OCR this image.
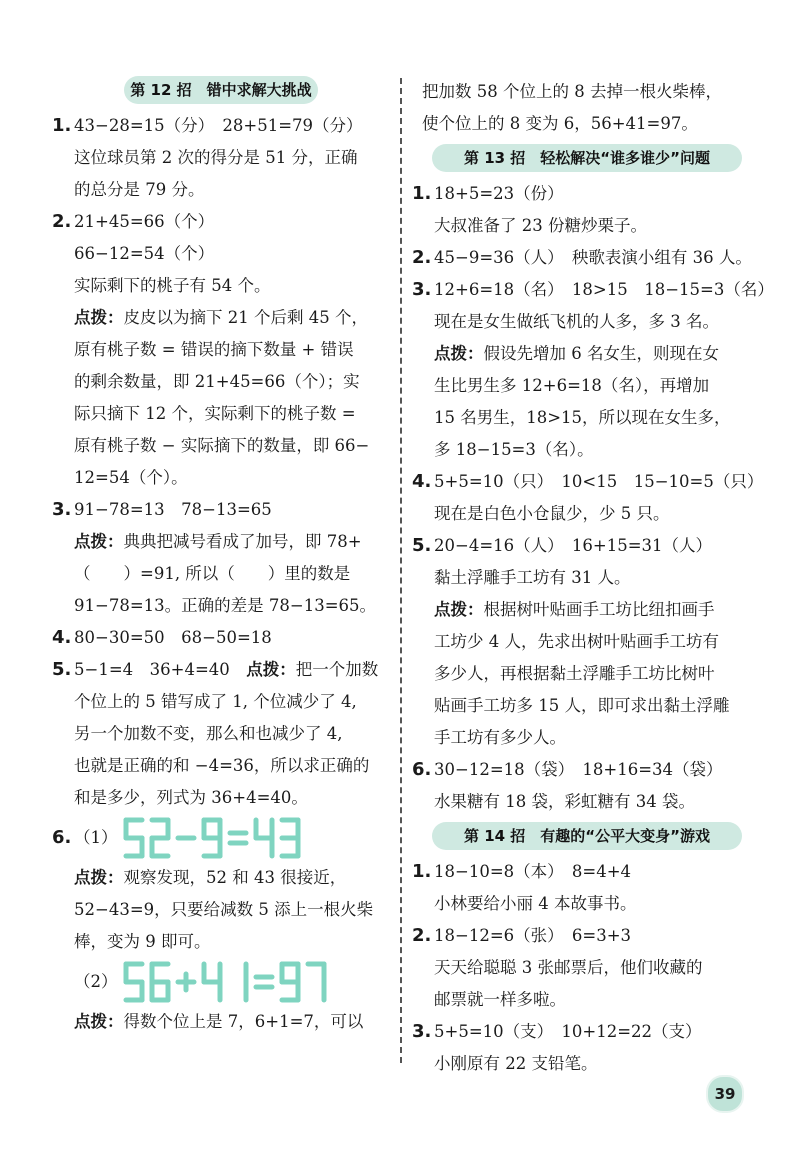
第 12 招　错中求解大挑战
1. 43−28=15（分）　28+51=79（分）
这位球员第 2 次的得分是 51 分，正确
的总分是 79 分。
2. 21+45=66（个）
66−12=54（个）
实际剩下的桃子有 54 个。
点拨：皮皮以为摘下 21 个后剩 45 个，
原有桃子数 = 错误的摘下数量 + 错误
的剩余数量，即 21+45=66（个）；实
际只摘下 12 个，实际剩下的桃子数 =
原有桃子数 − 实际摘下的数量，即 66−
12=54（个）。
3. 91−78=13　78−13=65
点拨：典典把减号看成了加号，即 78+
（　　）=91, 所以（　　）里的数是
91−78=13。正确的差是 78−13=65。
4. 80−30=50　68−50=18
5. 5−1=4　36+4=40　点拨：把一个加数
个位上的 5 错写成了 1, 个位减少了 4,
另一个加数不变，那么和也减少了 4,
也就是正确的和 −4=36，所以求正确的
和是多少，列式为 36+4=40。
6. （1）
点拨：观察发现，52 和 43 很接近，
52−43=9，只要给减数 5 添上一根火柴
棒，变为 9 即可。
（2）
点拨：得数个位上是 7，6+1=7，可以
把加数 58 个位上的 8 去掉一根火柴棒，
使个位上的 8 变为 6，56+41=97。
第 13 招　轻松解决“谁多谁少”问题
1. 18+5=23（份）
大叔准备了 23 份糖炒栗子。
2. 45−9=36（人）　秧歌表演小组有 36 人。
3. 12+6=18（名）　18>15　18−15=3（名）
现在是女生做纸飞机的人多，多 3 名。
点拨：假设先增加 6 名女生，则现在女
生比男生多 12+6=18（名），再增加
15 名男生，18>15，所以现在女生多，
多 18−15=3（名）。
4. 5+5=10（只）　10<15　15−10=5（只）
现在是白色小仓鼠少，少 5 只。
5. 20−4=16（人）　16+15=31（人）
黏土浮雕手工坊有 31 人。
点拨：根据树叶贴画手工坊比纽扣画手
工坊少 4 人，先求出树叶贴画手工坊有
多少人，再根据黏土浮雕手工坊比树叶
贴画手工坊多 15 人，即可求出黏土浮雕
手工坊有多少人。
6. 30−12=18（袋）　18+16=34（袋）
水果糖有 18 袋，彩虹糖有 34 袋。
第 14 招　有趣的“公平大变身”游戏
1. 18−10=8（本）　8=4+4
小林要给小丽 4 本故事书。
2. 18−12=6（张）　6=3+3
天天给聪聪 3 张邮票后，他们收藏的
邮票就一样多啦。
3. 5+5=10（支）　10+12=22（支）
小刚原有 22 支铅笔。
39
